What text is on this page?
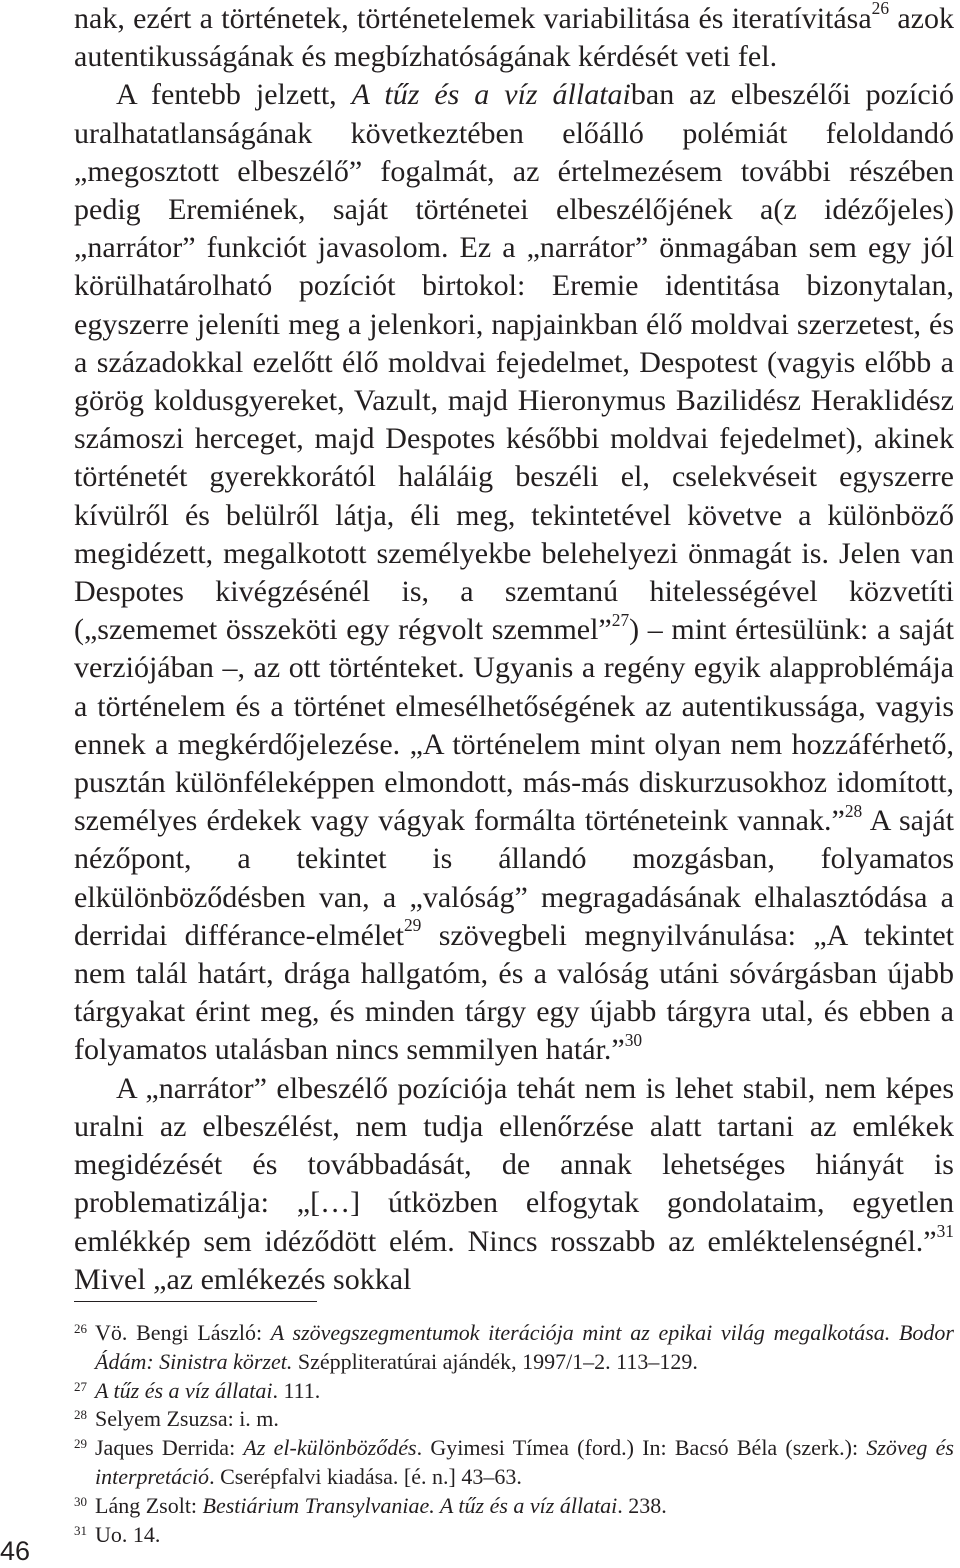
nak, ezért a történetek, történetelemek variabilitása és iteratívitása$^{26}$ azok autentikusságának és megbízhatóságának kérdését veti fel.

A fentebb jelzett, A tűz és a víz állataiban az elbeszélői pozíció uralhatatlanságának következtében előálló polémiát feloldandó „megosztott elbeszélő” fogalmát, az értelmezésem további részében pedig Eremiének, saját történetei elbeszélőjének a(z idézőjeles) „narrátor” funkciót javasolom. Ez a „narrátor” önmagában sem egy jól körülhatárolható pozíciót birtokol: Eremie identitása bizonytalan, egyszerre jeleníti meg a jelenkori, napjainkban élő moldvai szerzetest, és a századokkal ezelőtt élő moldvai fejedelmet, Despotest (vagyis előbb a görög koldusgyereket, Vazult, majd Hieronymus Bazilidész Heraklidész számoszi herceget, majd Despotes későbbi moldvai fejedelmet), akinek történetét gyerekkorától haláláig beszéli el, cselekvéseit egyszerre kívülről és belülről látja, éli meg, tekintetével követve a különböző megidézett, megalkotott személyekbe belehelyezi önmagát is. Jelen van Despotes kivégzésénél is, a szemtanú hitelességével közvetíti („szememet összeköti egy régvolt szemmel”$^{27}$) – mint értesülünk: a saját verziójában –, az ott történteket. Ugyanis a regény egyik alapproblémája a történelem és a történet elmesélhetőségének az autentikussága, vagyis ennek a megkérdőjelezése. „A történelem mint olyan nem hozzáférhető, pusztán különféleképpen elmondott, más-más diskurzusokhoz idomított, személyes érdekek vagy vágyak formálta történeteink vannak.”$^{28}$ A saját nézőpont, a tekintet is állandó mozgásban, folyamatos elkülönböződésben van, a „valóság” megragadásának elhalasztódása a derridai différance-elmélet$^{29}$ szövegbeli megnyilvánulása: „A tekintet nem talál határt, drága hallgatóm, és a valóság utáni sóvárgásban újabb tárgyakat érint meg, és minden tárgy egy újabb tárgyra utal, és ebben a folyamatos utalásban nincs semmilyen határ.”$^{30}$

A „narrátor” elbeszélő pozíciója tehát nem is lehet stabil, nem képes uralni az elbeszélést, nem tudja ellenőrzése alatt tartani az emlékek megidézését és továbbadását, de annak lehetséges hiányát is problematizálja: „[…] útközben elfogytak gondolataim, egyetlen emlékkép sem idéződött elém. Nincs rosszabb az emléktelenségnél.”$^{31}$ Mivel „az emlékezés sokkal

26 Vö. Bengi László: A szövegszegmentumok iterációja mint az epikai világ megalkotása. Bodor Ádám: Sinistra körzet. Széppliteratúrai ajándék, 1997/1–2. 113–129.
27 A tűz és a víz állatai. 111.
28 Selyem Zsuzsa: i. m.
29 Jaques Derrida: Az el-különböződés. Gyimesi Tímea (ford.) In: Bacsó Béla (szerk.): Szöveg és interpretáció. Cserépfalvi kiadása. [é. n.] 43–63.
30 Láng Zsolt: Bestiárium Transylvaniae. A tűz és a víz állatai. 238.
31 Uo. 14.
46
